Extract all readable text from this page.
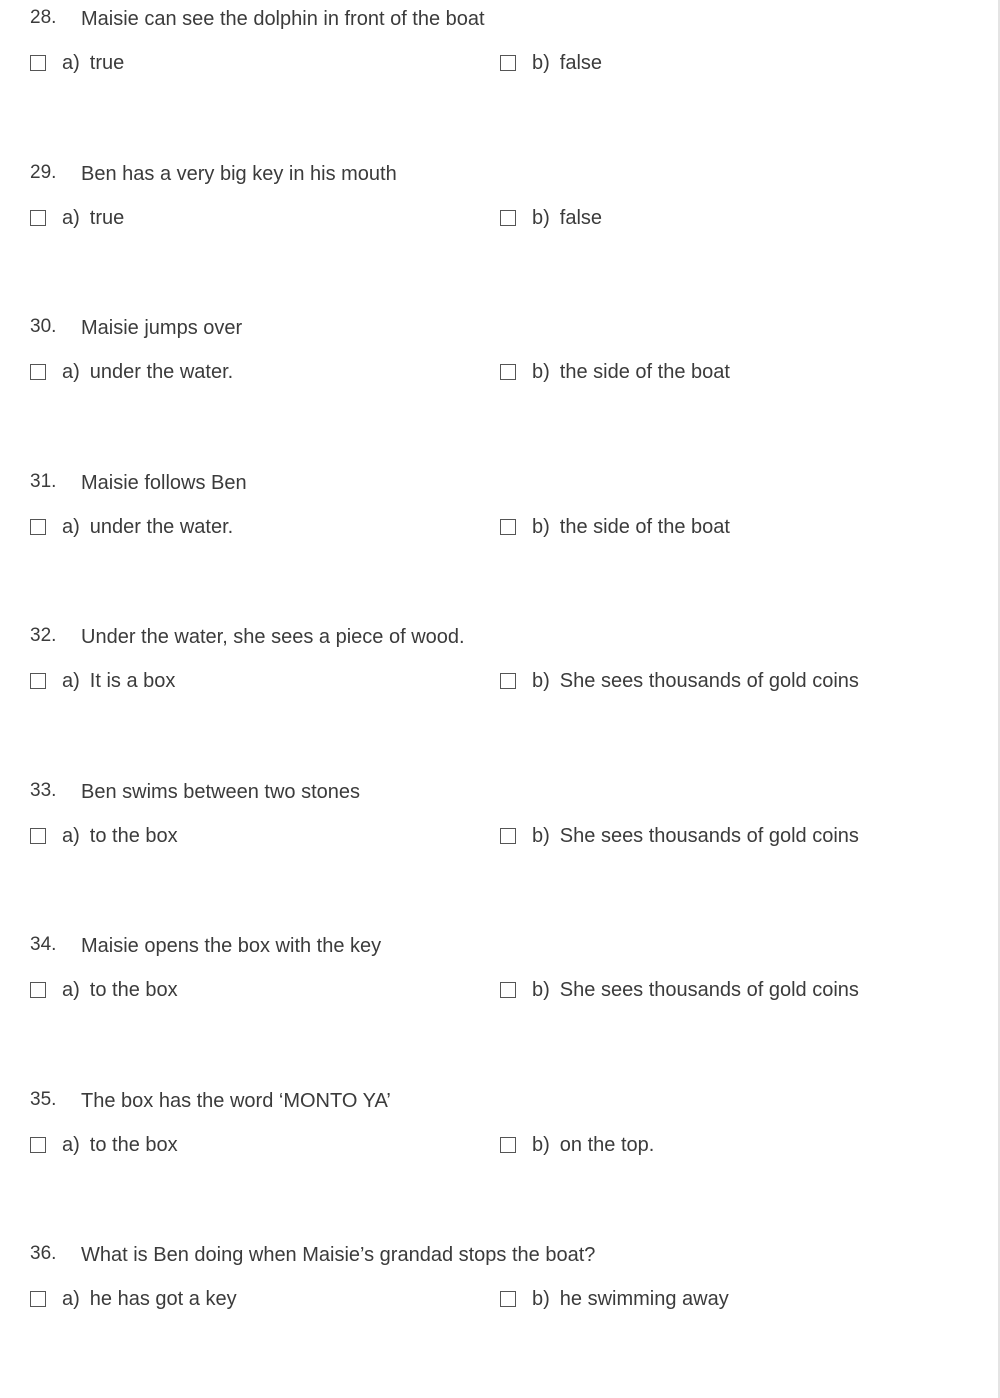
28. Maisie can see the dolphin in front of the boat
a) true	b) false
29. Ben has a very big key in his mouth
a) true	b) false
30. Maisie jumps over
a) under the water.	b) the side of the boat
31. Maisie follows Ben
a) under the water.	b) the side of the boat
32. Under the water, she sees a piece of wood.
a) It is a box	b) She sees thousands of gold coins
33. Ben swims between two stones
a) to the box	b) She sees thousands of gold coins
34. Maisie opens the box with the key
a) to the box	b) She sees thousands of gold coins
35. The box has the word ‘MONTO YA’
a) to the box	b) on the top.
36. What is Ben doing when Maisie’s grandad stops the boat?
a) he has got a key	b) he swimming away
